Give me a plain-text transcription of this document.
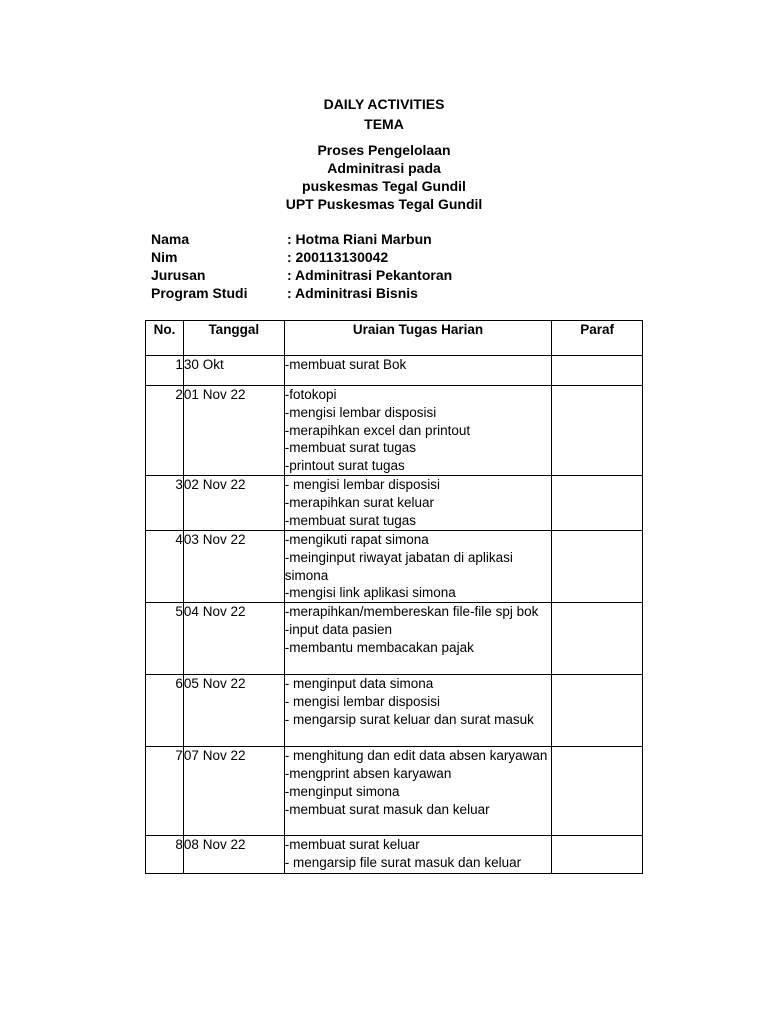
DAILY ACTIVITIES
TEMA
Proses Pengelolaan
Adminitrasi pada
puskesmas Tegal Gundil
UPT Puskesmas Tegal Gundil
Nama	: Hotma Riani Marbun
Nim	: 200113130042
Jurusan	: Adminitrasi Pekantoran
Program Studi	: Adminitrasi Bisnis
No.	Tanggal	Uraian Tugas Harian	Paraf
1	30 Okt	-membuat surat Bok	

2	01 Nov 22	-fotokopi
-mengisi lembar disposisi
-merapihkan excel dan printout
-membuat surat tugas
-printout surat tugas	

3	02 Nov 22	- mengisi lembar disposisi
-merapihkan surat keluar
-membuat surat tugas	

4	03 Nov 22	-mengikuti rapat simona
-meinginput riwayat jabatan di aplikasi simona
-mengisi link aplikasi simona	

5	04 Nov 22	-merapihkan/membereskan file-file spj bok
-input data pasien
-membantu membacakan pajak	

6	05 Nov 22	- menginput data simona
- mengisi lembar disposisi
- mengarsip surat keluar dan surat masuk	

7	07 Nov 22	- menghitung dan edit data absen karyawan
-mengprint absen karyawan
-menginput simona
-membuat surat masuk dan keluar	

8	08 Nov 22	-membuat surat keluar
- mengarsip file surat masuk dan keluar	
